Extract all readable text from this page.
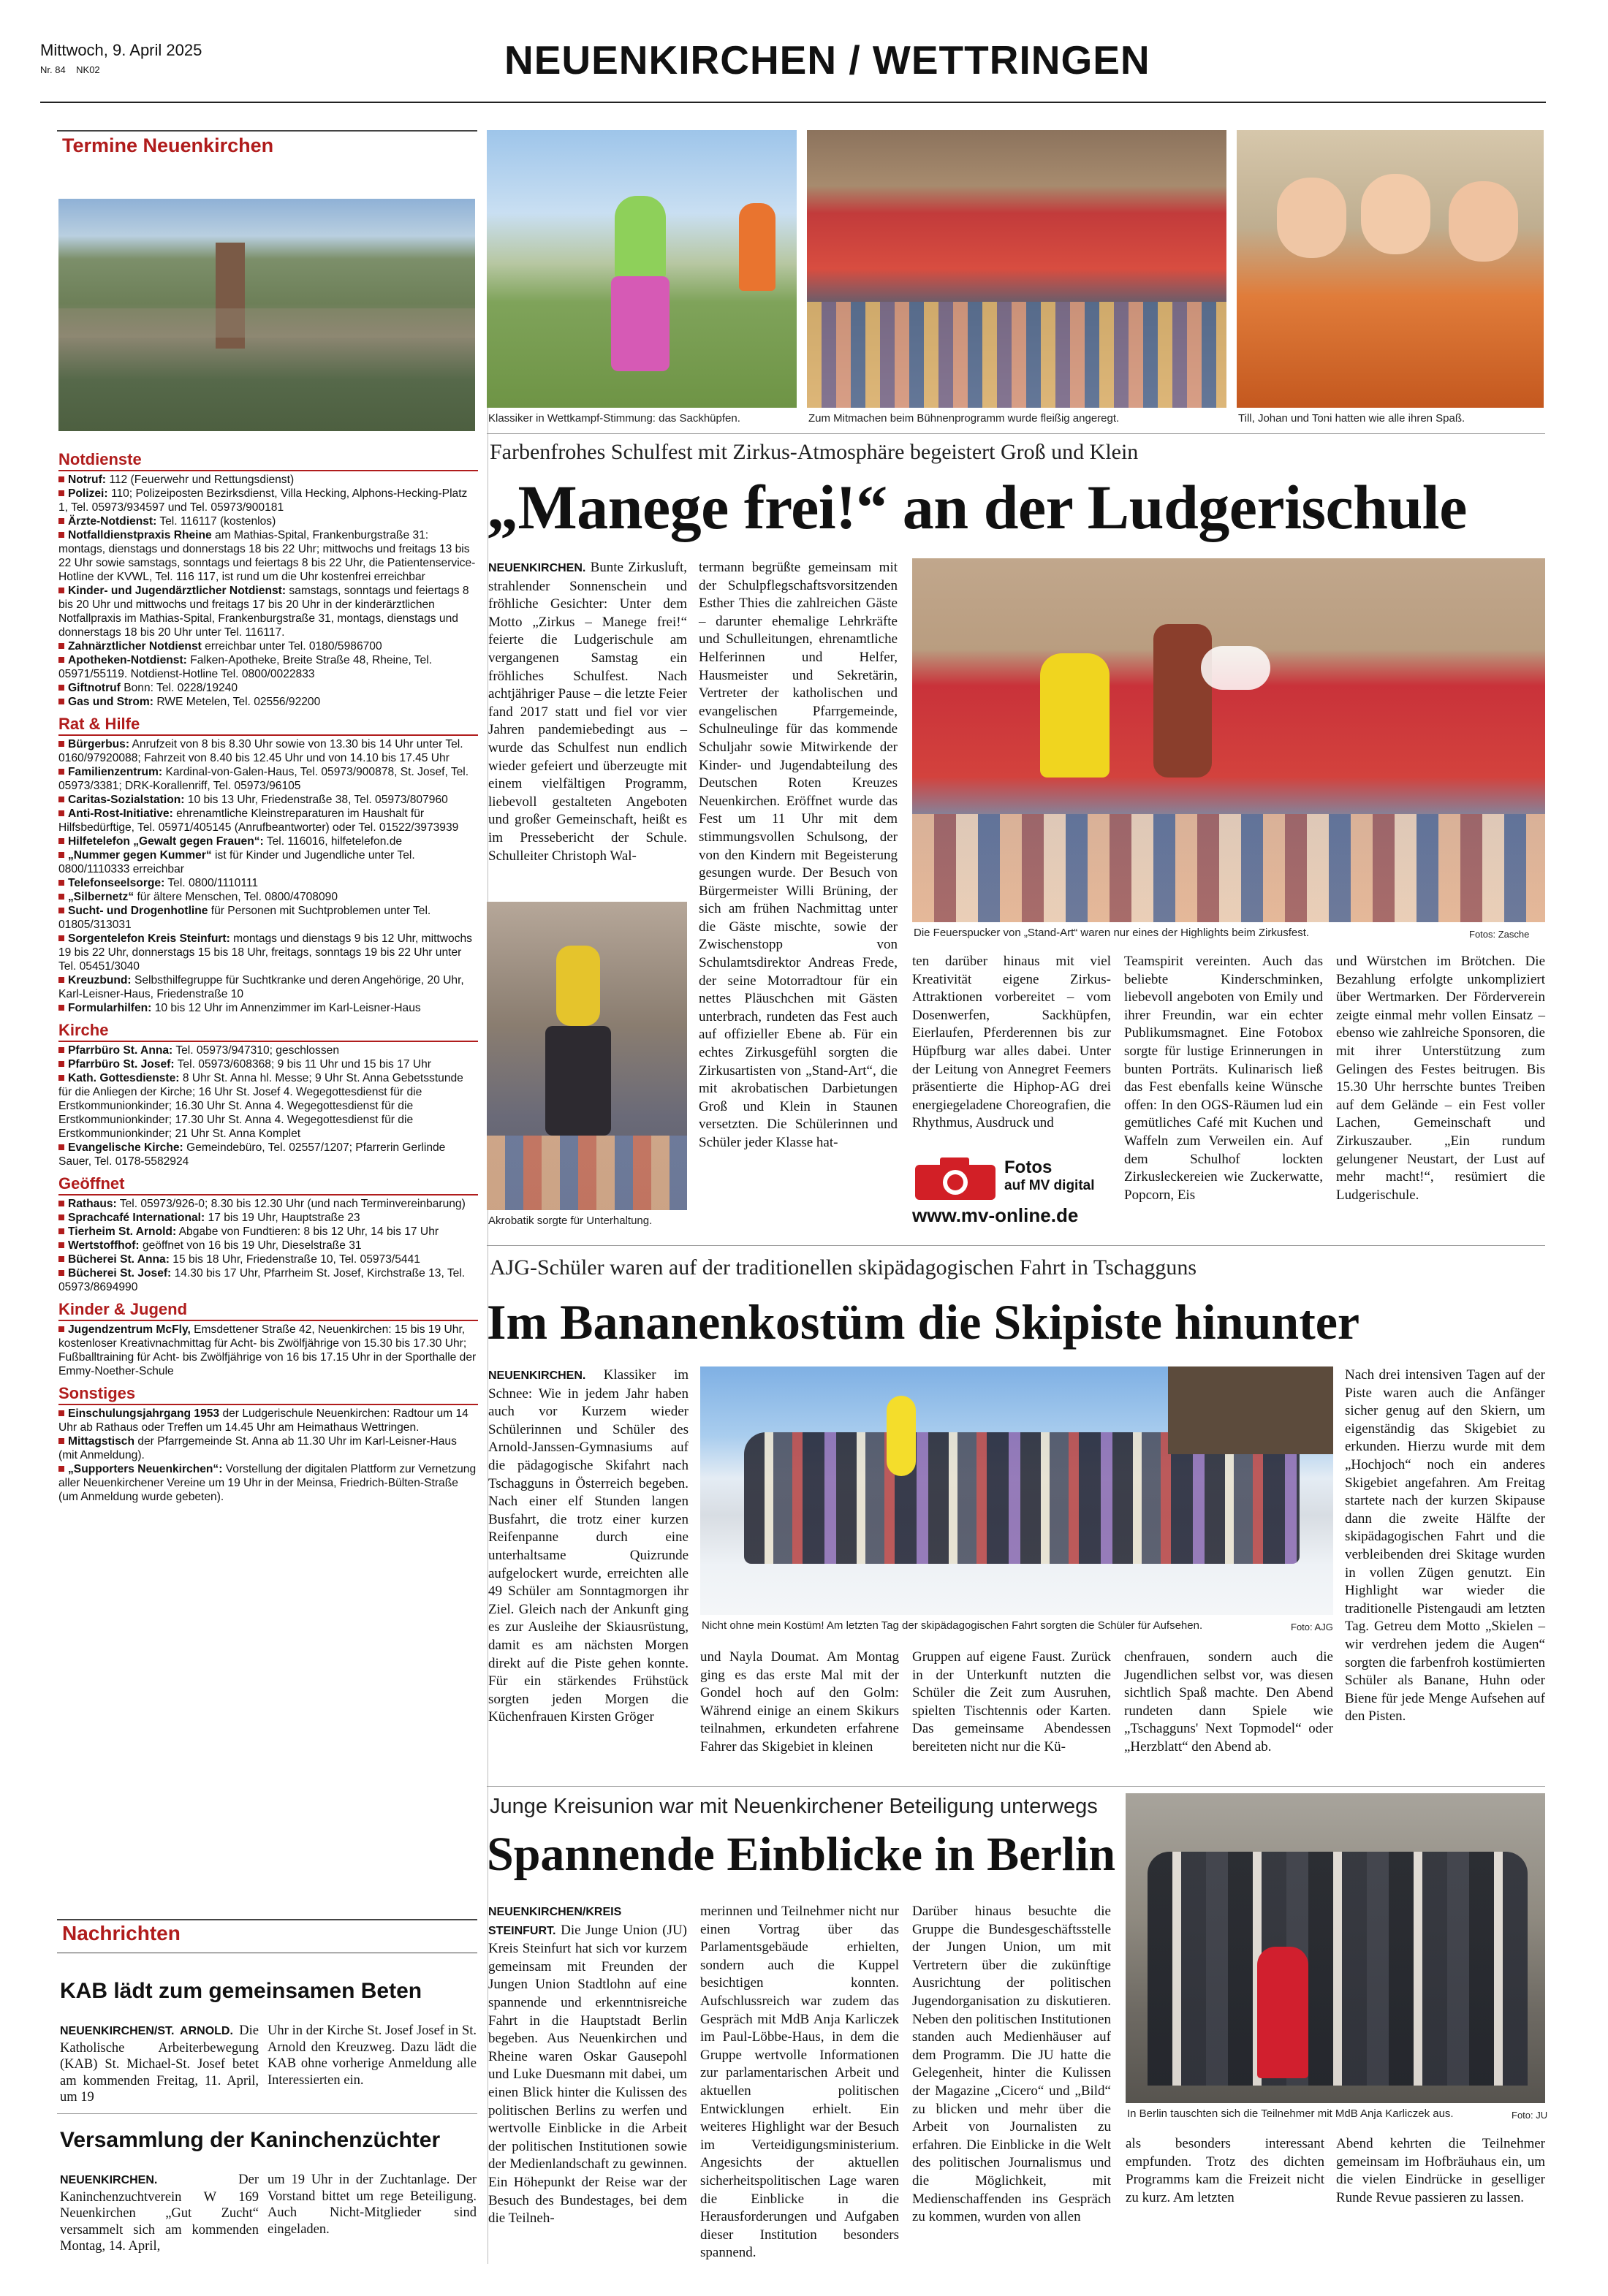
Mittwoch, 9. April 2025
Nr. 84 NK02	NEUENKIRCHEN / WETTRINGEN
Termine Neuenkirchen
Notdienste

Notruf: 112 (Feuerwehr und Rettungsdienst)

Polizei: 110; Polizeiposten Bezirksdienst, Villa Hecking, Alphons-Hecking-Platz 1, Tel. 05973/934597 und Tel. 05973/900181

Ärzte-Notdienst: Tel. 116117 (kostenlos)

Notfalldienstpraxis Rheine am Mathias-Spital, Frankenburgstraße 31: montags, dienstags und donnerstags 18 bis 22 Uhr; mittwochs und freitags 13 bis 22 Uhr sowie samstags, sonntags und feiertags 8 bis 22 Uhr, die Patientenservice-Hotline der KVWL, Tel. 116 117, ist rund um die Uhr kostenfrei erreichbar

Kinder- und Jugendärztlicher Notdienst: samstags, sonntags und feiertags 8 bis 20 Uhr und mittwochs und freitags 17 bis 20 Uhr in der kinderärztlichen Notfallpraxis im Mathias-Spital, Frankenburgstraße 31, montags, dienstags und donnerstags 18 bis 20 Uhr unter Tel. 116117.

Zahnärztlicher Notdienst erreichbar unter Tel. 0180/5986700

Apotheken-Notdienst: Falken-Apotheke, Breite Straße 48, Rheine, Tel. 05971/55119. Notdienst-Hotline Tel. 0800/0022833

Giftnotruf Bonn: Tel. 0228/19240

Gas und Strom: RWE Metelen, Tel. 02556/92200

Rat & Hilfe

Bürgerbus: Anrufzeit von 8 bis 8.30 Uhr sowie von 13.30 bis 14 Uhr unter Tel. 0160/97920088; Fahrzeit von 8.40 bis 12.45 Uhr und von 14.10 bis 17.45 Uhr

Familienzentrum: Kardinal-von-Galen-Haus, Tel. 05973/900878, St. Josef, Tel. 05973/3381; DRK-Korallenriff, Tel. 05973/96105

Caritas-Sozialstation: 10 bis 13 Uhr, Friedenstraße 38, Tel. 05973/807960

Anti-Rost-Initiative: ehrenamtliche Kleinstreparaturen im Haushalt für Hilfsbedürftige, Tel. 05971/405145 (Anrufbeantworter) oder Tel. 01522/3973939

Hilfetelefon „Gewalt gegen Frauen“: Tel. 116016, hilfetelefon.de

„Nummer gegen Kummer“ ist für Kinder und Jugendliche unter Tel. 0800/1110333 erreichbar

Telefonseelsorge: Tel. 0800/1110111

„Silbernetz“ für ältere Menschen, Tel. 0800/4708090

Sucht- und Drogenhotline für Personen mit Suchtproblemen unter Tel. 01805/313031

Sorgentelefon Kreis Steinfurt: montags und dienstags 9 bis 12 Uhr, mittwochs 19 bis 22 Uhr, donnerstags 15 bis 18 Uhr, freitags, sonntags 19 bis 22 Uhr unter Tel. 05451/3040

Kreuzbund: Selbsthilfegruppe für Suchtkranke und deren Angehörige, 20 Uhr, Karl-Leisner-Haus, Friedenstraße 10

Formularhilfen: 10 bis 12 Uhr im Annenzimmer im Karl-Leisner-Haus

Kirche

Pfarrbüro St. Anna: Tel. 05973/947310; geschlossen

Pfarrbüro St. Josef: Tel. 05973/608368; 9 bis 11 Uhr und 15 bis 17 Uhr

Kath. Gottesdienste: 8 Uhr St. Anna hl. Messe; 9 Uhr St. Anna Gebetsstunde für die Anliegen der Kirche; 16 Uhr St. Josef 4. Wegegottesdienst für die Erstkommunionkinder; 16.30 Uhr St. Anna 4. Wegegottesdienst für die Erstkommunionkinder; 17.30 Uhr St. Anna 4. Wegegottesdienst für die Erstkommunionkinder; 21 Uhr St. Anna Komplet

Evangelische Kirche: Gemeindebüro, Tel. 02557/1207; Pfarrerin Gerlinde Sauer, Tel. 0178-5582924

Geöffnet

Rathaus: Tel. 05973/926-0; 8.30 bis 12.30 Uhr (und nach Terminvereinbarung)

Sprachcafé International: 17 bis 19 Uhr, Hauptstraße 23

Tierheim St. Arnold: Abgabe von Fundtieren: 8 bis 12 Uhr, 14 bis 17 Uhr

Wertstoffhof: geöffnet von 16 bis 19 Uhr, Dieselstraße 31

Bücherei St. Anna: 15 bis 18 Uhr, Friedenstraße 10, Tel. 05973/5441

Bücherei St. Josef: 14.30 bis 17 Uhr, Pfarrheim St. Josef, Kirchstraße 13, Tel. 05973/8694990

Kinder & Jugend

Jugendzentrum McFly, Emsdettener Straße 42, Neuenkirchen: 15 bis 19 Uhr, kostenloser Kreativnachmittag für Acht- bis Zwölfjährige von 15.30 bis 17.30 Uhr; Fußballtraining für Acht- bis Zwölfjährige von 16 bis 17.15 Uhr in der Sporthalle der Emmy-Noether-Schule

Sonstiges

Einschulungsjahrgang 1953 der Ludgerischule Neuenkirchen: Radtour um 14 Uhr ab Rathaus oder Treffen um 14.45 Uhr am Heimathaus Wettringen.

Mittagstisch der Pfarrgemeinde St. Anna ab 11.30 Uhr im Karl-Leisner-Haus (mit Anmeldung).

„Supporters Neuenkirchen“: Vorstellung der digitalen Plattform zur Vernetzung aller Neuenkirchener Vereine um 19 Uhr in der Meinsa, Friedrich-Bülten-Straße (um Anmeldung wurde gebeten).

Nachrichten
KAB lädt zum gemeinsamen Beten
NEUENKIRCHEN/ST. ARNOLD. Die Katholische Arbeiterbewegung (KAB) St. Michael-St. Josef betet am kommenden Freitag, 11. April, um 19
Uhr in der Kirche St. Josef Josef in St. Arnold den Kreuzweg. Dazu lädt die KAB ohne vorherige Anmeldung alle Interessierten ein.
Versammlung der Kaninchenzüchter
NEUENKIRCHEN.	Der Kaninchenzuchtverein W 169 Neuenkirchen „Gut Zucht“ versammelt sich am kommenden Montag, 14. April,
um 19 Uhr in der Zuchtanlage. Der Vorstand bittet um rege Beteiligung. Auch Nicht-Mitglieder sind eingeladen.
Klassiker in Wettkampf-Stimmung: das Sackhüpfen.	Zum Mitmachen beim Bühnenprogramm wurde fleißig angeregt.	Till, Johan und Toni hatten wie alle ihren Spaß.
Farbenfrohes Schulfest mit Zirkus-Atmosphäre begeistert Groß und Klein
„Manege frei!“ an der Ludgerischule
NEUENKIRCHEN. Bunte Zirkusluft, strahlender Sonnenschein und fröhliche Gesichter: Unter dem Motto „Zirkus – Manege frei!“ feierte die Ludgerischule am vergangenen Samstag ein fröhliches Schulfest. Nach achtjähriger Pause – die letzte Feier fand 2017 statt und fiel vor vier Jahren pandemiebedingt aus – wurde das Schulfest nun endlich wieder gefeiert und überzeugte mit einem vielfältigen Programm, liebevoll gestalteten Angeboten und großer Gemeinschaft, heißt es im Pressebericht der Schule. Schulleiter Christoph Wal-
Akrobatik sorgte für Unterhaltung.
termann begrüßte gemeinsam mit der Schulpflegschaftsvorsitzenden Esther Thies die zahlreichen Gäste – darunter ehemalige Lehrkräfte und Schulleitungen, ehrenamtliche Helferinnen und Helfer, Hausmeister und Sekretärin, Vertreter der katholischen und evangelischen Pfarrgemeinde, Schulneulinge für das kommende Schuljahr sowie Mitwirkende der Kinder- und Jugendabteilung des Deutschen Roten Kreuzes Neuenkirchen. Eröffnet wurde das Fest um 11 Uhr mit dem stimmungsvollen Schulsong, der von den Kindern mit Begeisterung gesungen wurde. Der Besuch von Bürgermeister Willi Brüning, der sich am frühen Nachmittag unter die Gäste mischte, sowie der Zwischenstopp von Schulamtsdirektor Andreas Frede, der seine Motorradtour für ein nettes Pläuschchen mit Gästen unterbrach, rundeten das Fest auch auf offizieller Ebene ab. Für ein echtes Zirkusgefühl sorgten die Zirkusartisten von „Stand-Art“, die mit akrobatischen Darbietungen Groß und Klein in Staunen versetzten. Die Schülerinnen und Schüler jeder Klasse hat-
Die Feuerspucker von „Stand-Art“ waren nur eines der Highlights beim Zirkusfest.	Fotos: Zasche
ten darüber hinaus mit viel Kreativität eigene Zirkus-Attraktionen vorbereitet – vom Dosenwerfen, Sackhüpfen, Eierlaufen, Pferderennen bis zur Hüpfburg war alles dabei. Unter der Leitung von Annegret Feemers präsentierte die Hiphop-AG drei energiegeladene Choreografien, die Rhythmus, Ausdruck und
Fotos
auf MV digital
www.mv-online.de
Teamspirit vereinten. Auch das beliebte Kinderschminken, liebevoll angeboten von Emily und ihrer Freundin, war ein echter Publikumsmagnet. Eine Fotobox sorgte für lustige Erinnerungen in bunten Porträts. Kulinarisch ließ das Fest ebenfalls keine Wünsche offen: In den OGS-Räumen lud ein gemütliches Café mit Kuchen und Waffeln zum Verweilen ein. Auf dem Schulhof lockten Zirkusleckereien wie Zuckerwatte, Popcorn, Eis
und Würstchen im Brötchen. Die Bezahlung erfolgte unkompliziert über Wertmarken. Der Förderverein zeigte einmal mehr vollen Einsatz – ebenso wie zahlreiche Sponsoren, die mit ihrer Unterstützung zum Gelingen des Festes beitrugen. Bis 15.30 Uhr herrschte buntes Treiben auf dem Gelände – ein Fest voller Lachen, Gemeinschaft und Zirkuszauber. „Ein rundum gelungener Neustart, der Lust auf mehr macht!“, resümiert die Ludgerischule.
AJG-Schüler waren auf der traditionellen skipädagogischen Fahrt in Tschagguns
Im Bananenkostüm die Skipiste hinunter
NEUENKIRCHEN. Klassiker im Schnee: Wie in jedem Jahr haben auch vor Kurzem wieder Schülerinnen und Schüler des Arnold-Janssen-Gymnasiums auf die pädagogische Skifahrt nach Tschagguns in Österreich begeben. Nach einer elf Stunden langen Busfahrt, die trotz einer kurzen Reifenpanne durch eine unterhaltsame Quizrunde aufgelockert wurde, erreichten alle 49 Schüler am Sonntagmorgen ihr Ziel. Gleich nach der Ankunft ging es zur Ausleihe der Skiausrüstung, damit es am nächsten Morgen direkt auf die Piste gehen konnte. Für ein stärkendes Frühstück sorgten jeden Morgen die Küchenfrauen Kirsten Gröger
Nicht ohne mein Kostüm! Am letzten Tag der skipädagogischen Fahrt sorgten die Schüler für Aufsehen.	Foto: AJG
Nach drei intensiven Tagen auf der Piste waren auch die Anfänger sicher genug auf den Skiern, um eigenständig das Skigebiet zu erkunden. Hierzu wurde mit dem „Hochjoch“ noch ein anderes Skigebiet angefahren. Am Freitag startete nach der kurzen Skipause dann die zweite Hälfte der skipädagogischen Fahrt und die verbleibenden drei Skitage wurden in vollen Zügen genutzt. Ein Highlight war wieder die traditionelle Pistengaudi am letzten Tag. Getreu dem Motto „Skielen – wir verdrehen jedem die Augen“ sorgten die farbenfroh kostümierten Schüler als Banane, Huhn oder Biene für jede Menge Aufsehen auf den Pisten.
und Nayla Doumat. Am Montag ging es das erste Mal mit der Gondel hoch auf den Golm: Während einige an einem Skikurs teilnahmen, erkundeten erfahrene Fahrer das Skigebiet in kleinen
Gruppen auf eigene Faust. Zurück in der Unterkunft nutzten die Schüler die Zeit zum Ausruhen, spielten Tischtennis oder Karten. Das gemeinsame Abendessen bereiteten nicht nur die Kü-
chenfrauen, sondern auch die Jugendlichen selbst vor, was diesen sichtlich Spaß machte. Den Abend rundeten dann Spiele wie „Tschagguns' Next Topmodel“ oder „Herzblatt“ den Abend ab.
Junge Kreisunion war mit Neuenkirchener Beteiligung unterwegs
Spannende Einblicke in Berlin
NEUENKIRCHEN/KREIS STEINFURT. Die Junge Union (JU) Kreis Steinfurt hat sich vor kurzem gemeinsam mit Freunden der Jungen Union Stadtlohn auf eine spannende und erkenntnisreiche Fahrt in die Hauptstadt Berlin begeben. Aus Neuenkirchen und Rheine waren Oskar Gausepohl und Luke Duesmann mit dabei, um einen Blick hinter die Kulissen des politischen Berlins zu werfen und wertvolle Einblicke in die Arbeit der politischen Institutionen sowie der Medienlandschaft zu gewinnen. Ein Höhepunkt der Reise war der Besuch des Bundestages, bei dem die Teilneh-
merinnen und Teilnehmer nicht nur einen Vortrag über das Parlamentsgebäude erhielten, sondern auch die Kuppel besichtigen konnten. Aufschlussreich war zudem das Gespräch mit MdB Anja Karliczek im Paul-Löbbe-Haus, in dem die Gruppe wertvolle Informationen zur parlamentarischen Arbeit und aktuellen politischen Entwicklungen erhielt. Ein weiteres Highlight war der Besuch im Verteidigungsministerium. Angesichts der aktuellen sicherheitspolitischen Lage waren die Einblicke in die Herausforderungen und Aufgaben dieser Institution besonders spannend.
Darüber hinaus besuchte die Gruppe die Bundesgeschäftsstelle der Jungen Union, um mit Vertretern über die zukünftige Ausrichtung der politischen Jugendorganisation zu diskutieren. Neben den politischen Institutionen standen auch Medienhäuser auf dem Programm. Die JU hatte die Gelegenheit, hinter die Kulissen der Magazine „Cicero“ und „Bild“ zu blicken und mehr über die Arbeit von Journalisten zu erfahren. Die Einblicke in die Welt des politischen Journalismus und die Möglichkeit, mit Medienschaffenden ins Gespräch zu kommen, wurden von allen
In Berlin tauschten sich die Teilnehmer mit MdB Anja Karliczek aus.	Foto: JU
als besonders interessant empfunden. Trotz des dichten Programms kam die Freizeit nicht zu kurz. Am letzten
Abend kehrten die Teilnehmer gemeinsam im Hofbräuhaus ein, um die vielen Eindrücke in geselliger Runde Revue passieren zu lassen.
